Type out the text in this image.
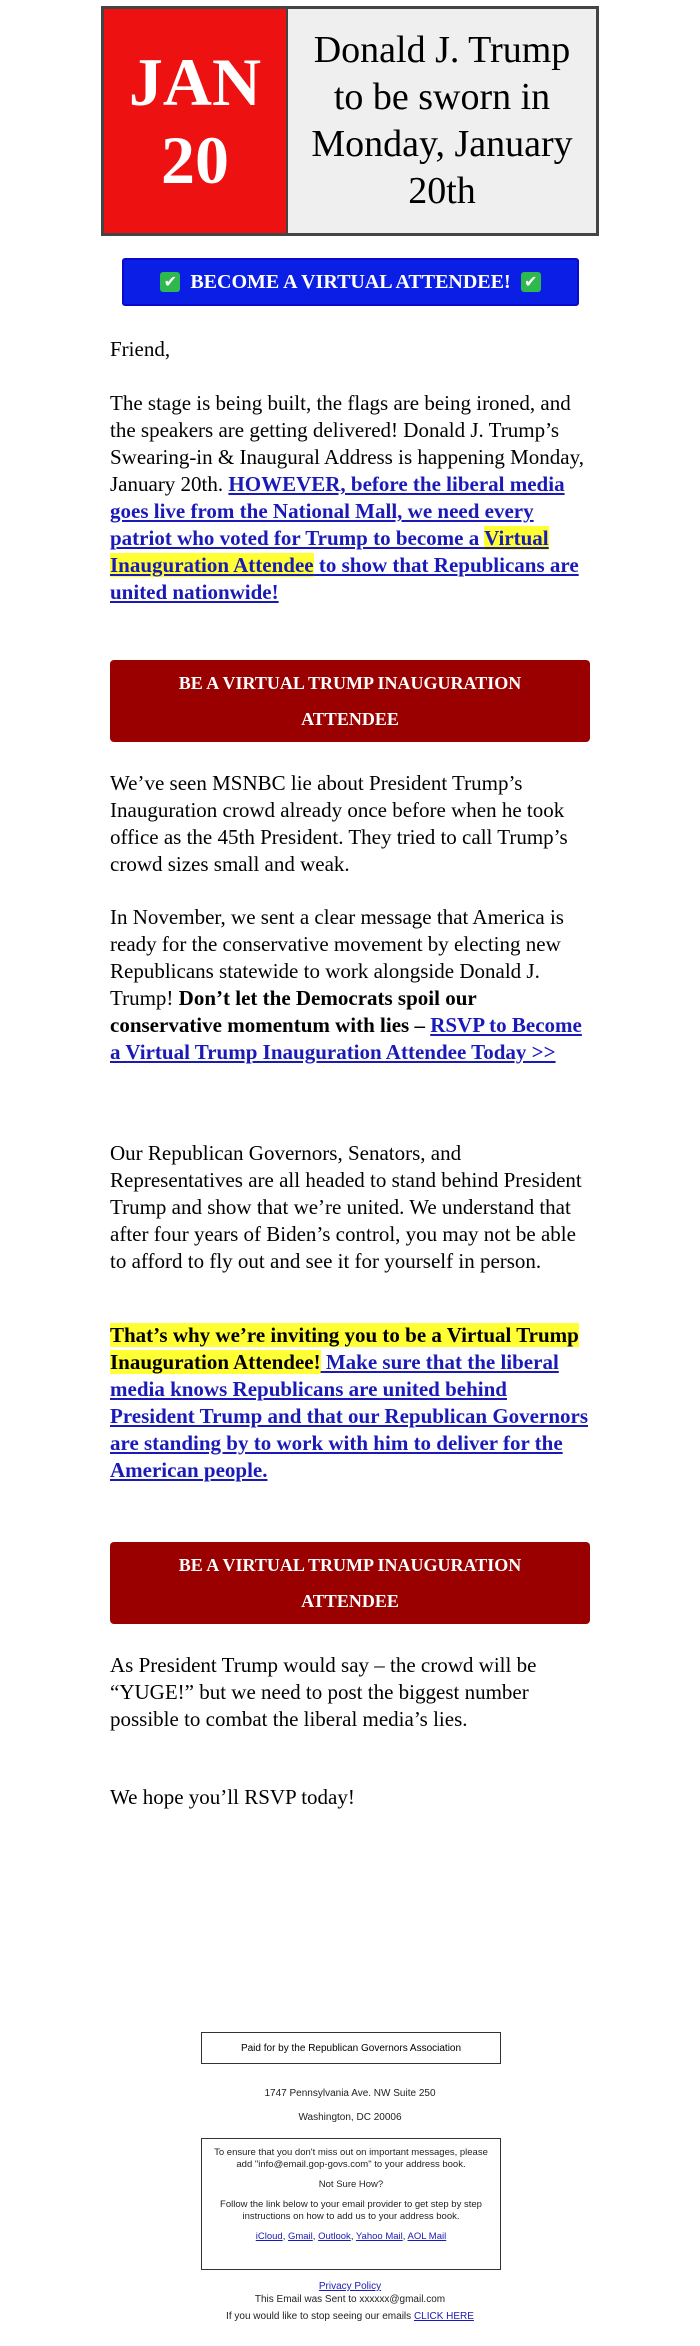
JAN
20
Donald J. Trump to be sworn in Monday, January 20th
✔ BECOME A VIRTUAL ATTENDEE! ✔

Friend,

The stage is being built, the flags are being ironed, and the speakers are getting delivered! Donald J. Trump’s Swearing-in & Inaugural Address is happening Monday, January 20th. HOWEVER, before the liberal media goes live from the National Mall, we need every patriot who voted for Trump to become a Virtual Inauguration Attendee to show that Republicans are united nationwide!

BE A VIRTUAL TRUMP INAUGURATION ATTENDEE

We’ve seen MSNBC lie about President Trump’s Inauguration crowd already once before when he took office as the 45th President. They tried to call Trump’s crowd sizes small and weak.

In November, we sent a clear message that America is ready for the conservative movement by electing new Republicans statewide to work alongside Donald J. Trump! Don’t let the Democrats spoil our conservative momentum with lies – RSVP to Become a Virtual Trump Inauguration Attendee Today >>

Our Republican Governors, Senators, and Representatives are all headed to stand behind President Trump and show that we’re united. We understand that after four years of Biden’s control, you may not be able to afford to fly out and see it for yourself in person.

That’s why we’re inviting you to be a Virtual Trump Inauguration Attendee! Make sure that the liberal media knows Republicans are united behind President Trump and that our Republican Governors are standing by to work with him to deliver for the American people.

BE A VIRTUAL TRUMP INAUGURATION ATTENDEE

As President Trump would say – the crowd will be “YUGE!” but we need to post the biggest number possible to combat the liberal media’s lies.

We hope you’ll RSVP today!

Paid for by the Republican Governors Association
1747 Pennsylvania Ave. NW Suite 250
Washington, DC 20006

To ensure that you don't miss out on important messages, please add "info@email.gop-govs.com" to your address book.

Not Sure How?

Follow the link below to your email provider to get step by step instructions on how to add us to your address book.

iCloud, Gmail, Outlook, Yahoo Mail, AOL Mail

Privacy Policy
This Email was Sent to xxxxxx@gmail.com
If you would like to stop seeing our emails CLICK HERE
